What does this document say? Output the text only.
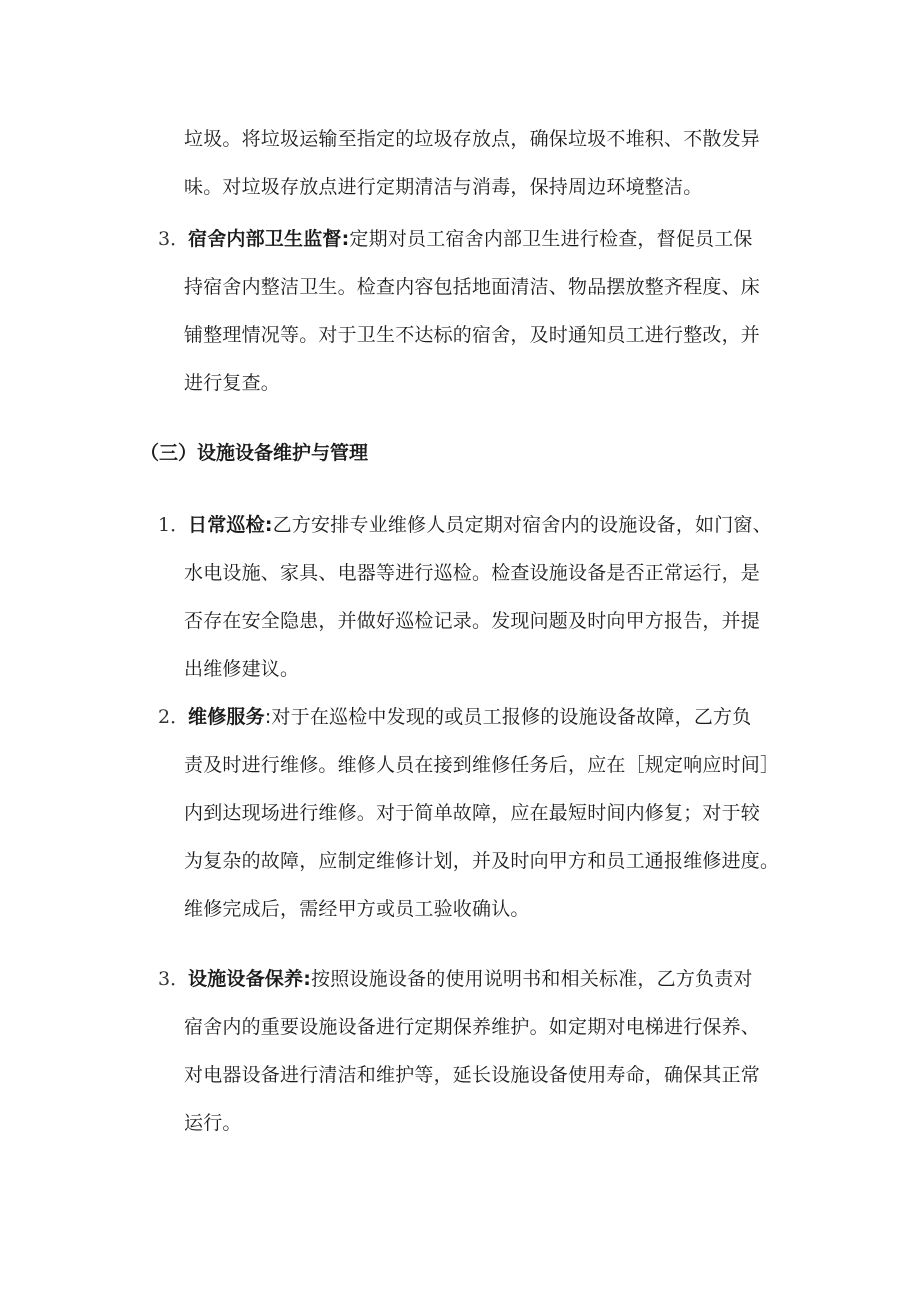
垃圾。将垃圾运输至指定的垃圾存放点，确保垃圾不堆积、不散发异
味。对垃圾存放点进行定期清洁与消毒，保持周边环境整洁。
3．
宿舍内部卫生监督:定期对员工宿舍内部卫生进行检查，督促员工保
持宿舍内整洁卫生。检查内容包括地面清洁、物品摆放整齐程度、床
铺整理情况等。对于卫生不达标的宿舍，及时通知员工进行整改，并
进行复查。
（三）设施设备维护与管理
1．
日常巡检:乙方安排专业维修人员定期对宿舍内的设施设备，如门窗、
水电设施、家具、电器等进行巡检。检查设施设备是否正常运行，是
否存在安全隐患，并做好巡检记录。发现问题及时向甲方报告，并提
出维修建议。
2．
维修服务:对于在巡检中发现的或员工报修的设施设备故障，乙方负
责及时进行维修。维修人员在接到维修任务后，应在［规定响应时间］
内到达现场进行维修。对于简单故障，应在最短时间内修复；对于较
为复杂的故障，应制定维修计划，并及时向甲方和员工通报维修进度。
维修完成后，需经甲方或员工验收确认。
3．
设施设备保养:按照设施设备的使用说明书和相关标准，乙方负责对
宿舍内的重要设施设备进行定期保养维护。如定期对电梯进行保养、
对电器设备进行清洁和维护等，延长设施设备使用寿命，确保其正常
运行。
